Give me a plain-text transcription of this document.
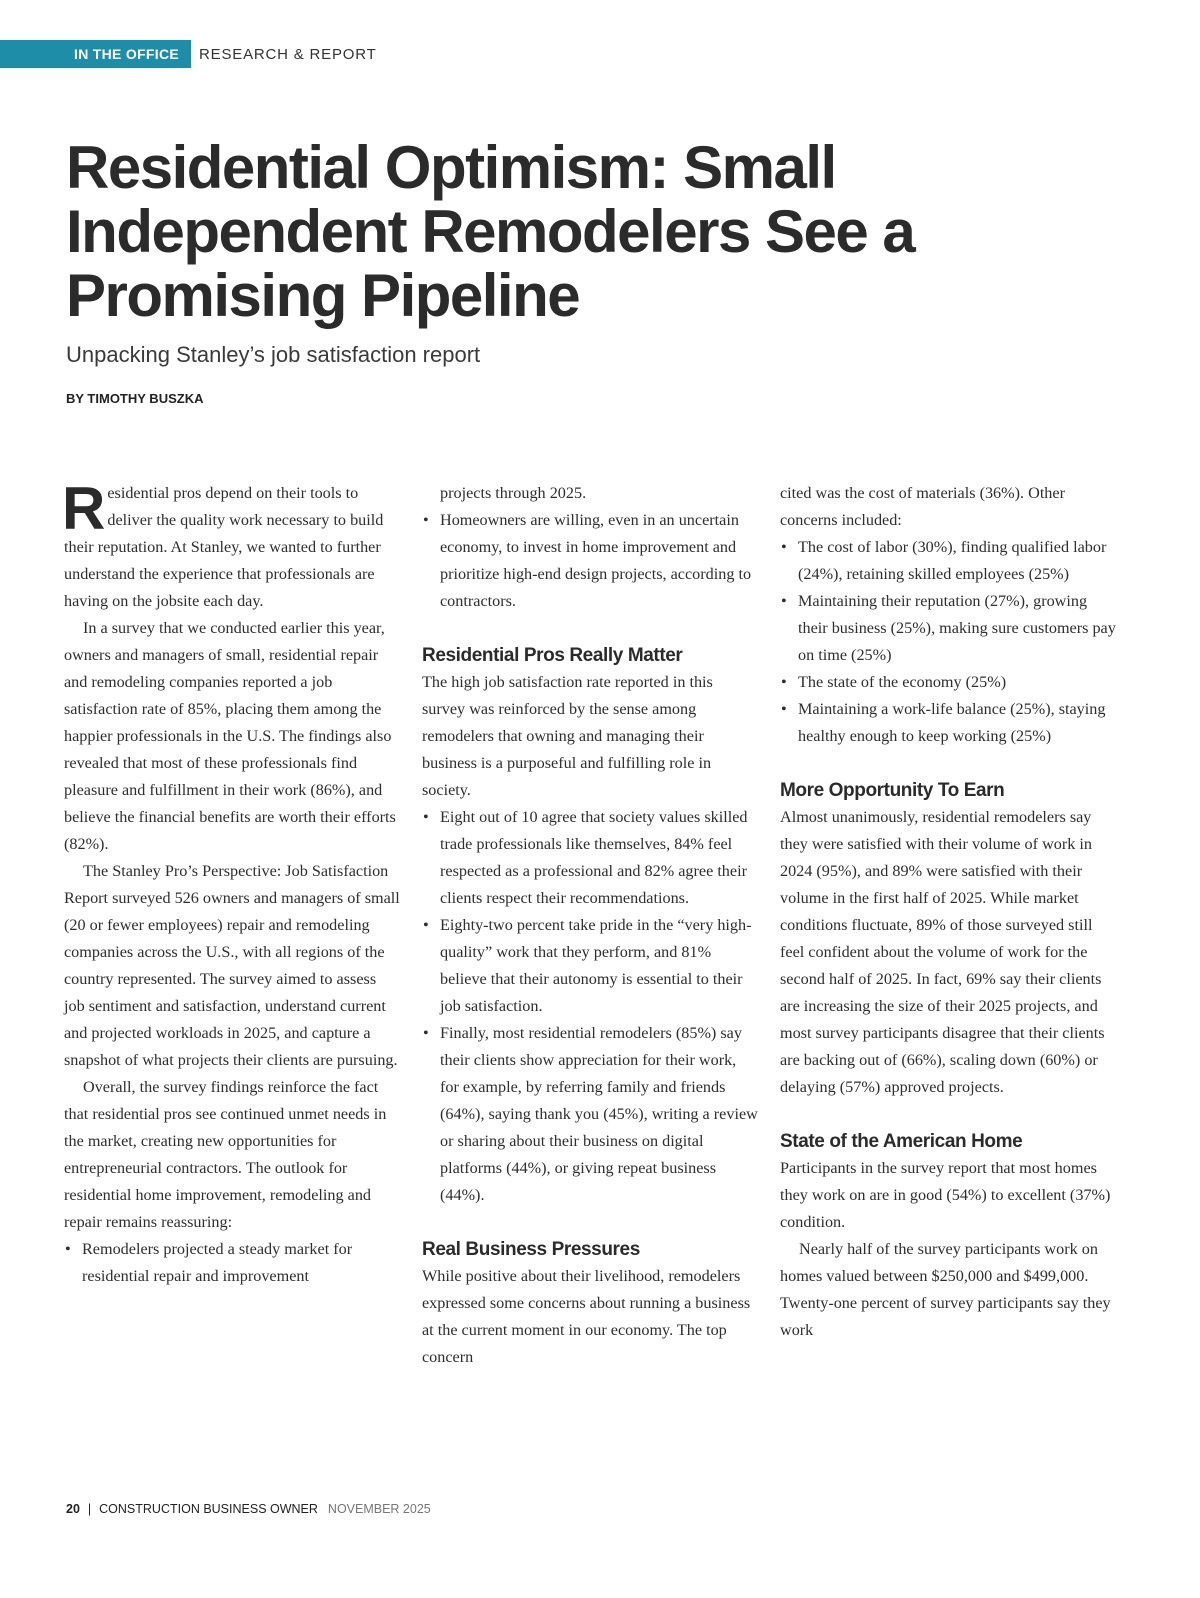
IN THE OFFICE	RESEARCH & REPORT
Residential Optimism: Small Independent Remodelers See a Promising Pipeline

Unpacking Stanley’s job satisfaction report

BY TIMOTHY BUSZKA

Residential pros depend on their tools to deliver the quality work necessary to build their reputation. At Stanley, we wanted to further understand the experience that professionals are having on the jobsite each day.

In a survey that we conducted earlier this year, owners and managers of small, residential repair and remodeling companies reported a job satisfaction rate of 85%, placing them among the happier professionals in the U.S. The findings also revealed that most of these professionals find pleasure and fulfillment in their work (86%), and believe the financial benefits are worth their efforts (82%).

The Stanley Pro’s Perspective: Job Satisfaction Report surveyed 526 owners and managers of small (20 or fewer employees) repair and remodeling companies across the U.S., with all regions of the country represented. The survey aimed to assess job sentiment and satisfaction, understand current and projected workloads in 2025, and capture a snapshot of what projects their clients are pursuing.

Overall, the survey findings reinforce the fact that residential pros see continued unmet needs in the market, creating new opportunities for entrepreneurial contractors. The outlook for residential home improvement, remodeling and repair remains reassuring:

• Remodelers projected a steady market for residential repair and improvement

projects through 2025.

• Homeowners are willing, even in an uncertain economy, to invest in home improvement and prioritize high-end design projects, according to contractors.
Residential Pros Really Matter

The high job satisfaction rate reported in this survey was reinforced by the sense among remodelers that owning and managing their business is a purposeful and fulfilling role in society.

• Eight out of 10 agree that society values skilled trade professionals like themselves, 84% feel respected as a professional and 82% agree their clients respect their recommendations.
• Eighty-two percent take pride in the “very high-quality” work that they perform, and 81% believe that their autonomy is essential to their job satisfaction.
• Finally, most residential remodelers (85%) say their clients show appreciation for their work, for example, by referring family and friends (64%), saying thank you (45%), writing a review or sharing about their business on digital platforms (44%), or giving repeat business (44%).
Real Business Pressures

While positive about their livelihood, remodelers expressed some concerns about running a business at the current moment in our economy. The top concern

cited was the cost of materials (36%). Other concerns included:

• The cost of labor (30%), finding qualified labor (24%), retaining skilled employees (25%)
• Maintaining their reputation (27%), growing their business (25%), making sure customers pay on time (25%)
• The state of the economy (25%)
• Maintaining a work-life balance (25%), staying healthy enough to keep working (25%)
More Opportunity To Earn

Almost unanimously, residential remodelers say they were satisfied with their volume of work in 2024 (95%), and 89% were satisfied with their volume in the first half of 2025. While market conditions fluctuate, 89% of those surveyed still feel confident about the volume of work for the second half of 2025. In fact, 69% say their clients are increasing the size of their 2025 projects, and most survey participants disagree that their clients are backing out of (66%), scaling down (60%) or delaying (57%) approved projects.

State of the American Home

Participants in the survey report that most homes they work on are in good (54%) to excellent (37%) condition.

Nearly half of the survey participants work on homes valued between $250,000 and $499,000. Twenty-one percent of survey participants say they work

20 | CONSTRUCTION BUSINESS OWNER NOVEMBER 2025
